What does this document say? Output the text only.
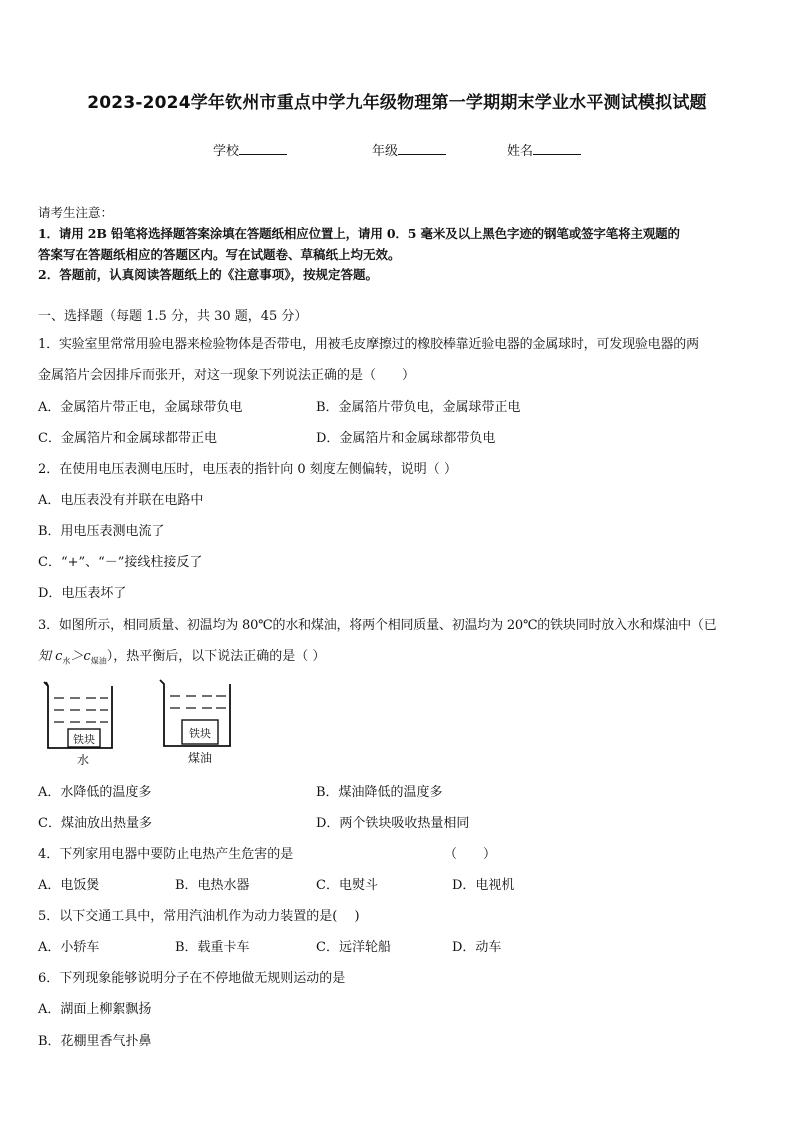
2023-2024学年钦州市重点中学九年级物理第一学期期末学业水平测试模拟试题
学校	年级	姓名
请考生注意：
1．请用 2B 铅笔将选择题答案涂填在答题纸相应位置上，请用 0．5 毫米及以上黑色字迹的钢笔或签字笔将主观题的
答案写在答题纸相应的答题区内。写在试题卷、草稿纸上均无效。
2．答题前，认真阅读答题纸上的《注意事项》，按规定答题。
一、选择题（每题 1.5 分，共 30 题，45 分）
1．实验室里常常用验电器来检验物体是否带电，用被毛皮摩擦过的橡胶棒靠近验电器的金属球时，可发现验电器的两
金属箔片会因排斥而张开，对这一现象下列说法正确的是（　　）
A．金属箔片带正电，金属球带负电	B．金属箔片带负电，金属球带正电
C．金属箔片和金属球都带正电	D．金属箔片和金属球都带负电
2．在使用电压表测电压时，电压表的指针向 0 刻度左侧偏转，说明（ ）
A．电压表没有并联在电路中
B．用电压表测电流了
C．“+”、“－”接线柱接反了
D．电压表坏了
3．如图所示，相同质量、初温均为 80℃的水和煤油，将两个相同质量、初温均为 20℃的铁块同时放入水和煤油中（已
知 $c_水>c_{煤油}$），热平衡后，以下说法正确的是（ ）
铁块
水
铁块
煤油
A．水降低的温度多	B．煤油降低的温度多
C．煤油放出热量多	D．两个铁块吸收热量相同
4．下列家用电器中要防止电热产生危害的是	（　　）
A．电饭煲	B．电热水器	C．电熨斗	D．电视机
5．以下交通工具中，常用汽油机作为动力装置的是(　 )
A．小轿车	B．载重卡车	C．远洋轮船	D．动车
6．下列现象能够说明分子在不停地做无规则运动的是
A．湖面上柳絮飘扬
B．花棚里香气扑鼻
